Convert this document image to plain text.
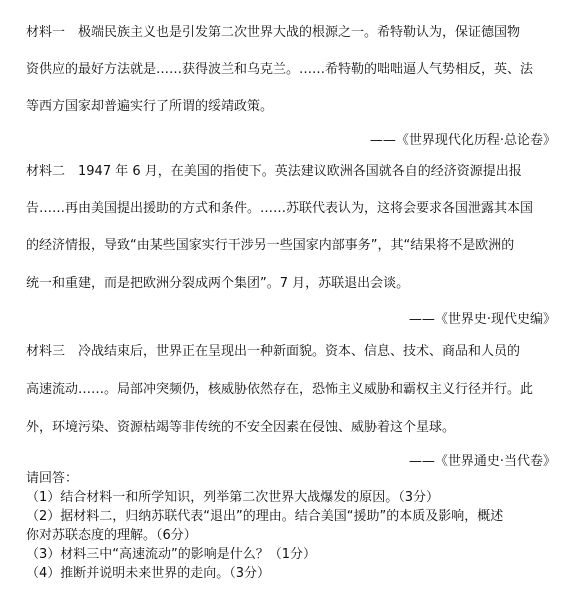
材料一　极端民族主义也是引发第二次世界大战的根源之一。希特勒认为，保证德国物
资供应的最好方法就是……获得波兰和乌克兰。……希特勒的咄咄逼人气势相反，英、法
等西方国家却普遍实行了所谓的绥靖政策。
——《世界现代化历程·总论卷》
材料二　1947 年 6 月，在美国的指使下。英法建议欧洲各国就各自的经济资源提出报
告……再由美国提出援助的方式和条件。……苏联代表认为，这将会要求各国泄露其本国
的经济情报，导致“由某些国家实行干涉另一些国家内部事务”，其“结果将不是欧洲的
统一和重建，而是把欧洲分裂成两个集团”。7 月，苏联退出会谈。
——《世界史·现代史编》
材料三　冷战结束后，世界正在呈现出一种新面貌。资本、信息、技术、商品和人员的
高速流动……。局部冲突频仍，核威胁依然存在，恐怖主义威胁和霸权主义行径并行。此
外，环境污染、资源枯竭等非传统的不安全因素在侵蚀、威胁着这个星球。
——《世界通史·当代卷》
请回答：
（1）结合材料一和所学知识，列举第二次世界大战爆发的原因。（3分）
（2）据材料二，归纳苏联代表“退出”的理由。结合美国“援助”的本质及影响，概述
你对苏联态度的理解。（6分）
（3）材料三中“高速流动”的影响是什么？（1分）
（4）推断并说明未来世界的走向。（3分）
